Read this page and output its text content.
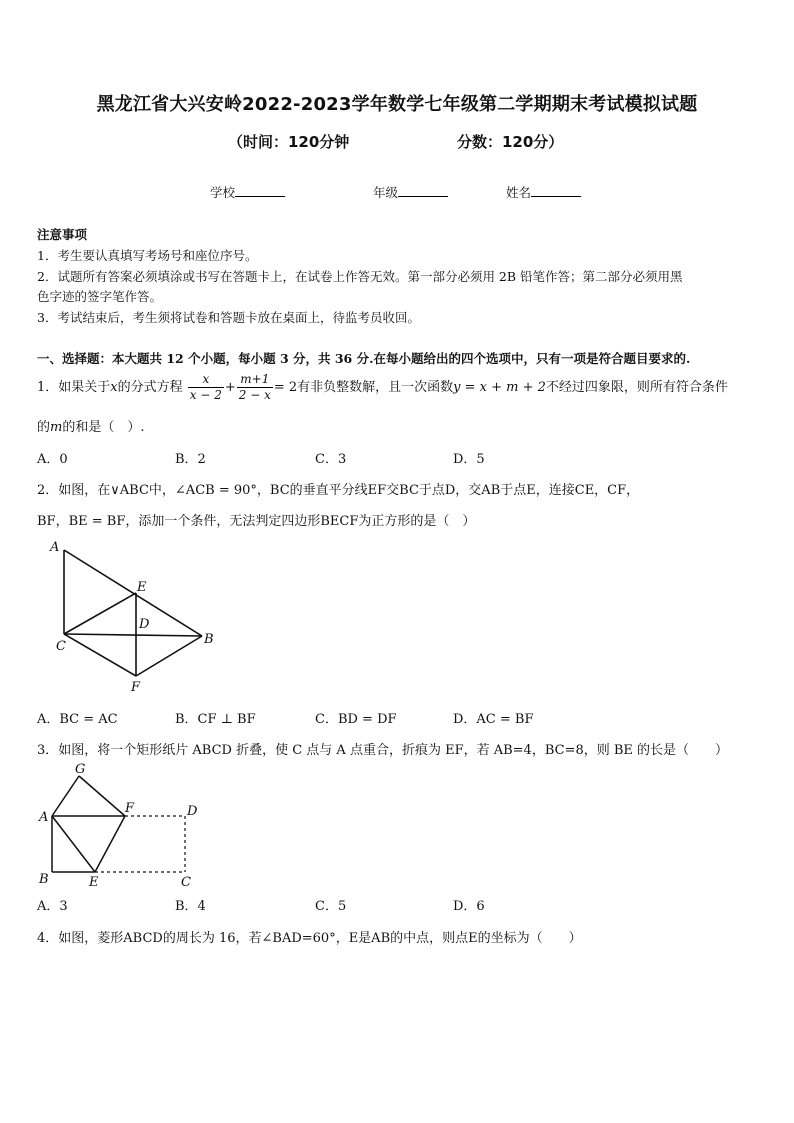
黑龙江省大兴安岭2022-2023学年数学七年级第二学期期末考试模拟试题
（时间：120分钟	分数：120分）
学校	年级	姓名
注意事项
1．考生要认真填写考场号和座位序号。
2．试题所有答案必须填涂或书写在答题卡上，在试卷上作答无效。第一部分必须用 2B 铅笔作答；第二部分必须用黑
色字迹的签字笔作答。
3．考试结束后，考生须将试卷和答题卡放在桌面上，待监考员收回。
一、选择题：本大题共 12 个小题，每小题 3 分，共 36 分.在每小题给出的四个选项中，只有一项是符合题目要求的.
1．如果关于x的分式方程 $\frac{x}{x - 2} + \frac{m+1}{2 - x} = 2$有非负整数解，且一次函数y = x + m + 2不经过四象限，则所有符合条件
的m的和是（　）.
A．0	B．2	C．3	D．5
2．如图，在∨ABC中，∠ACB = 90°，BC的垂直平分线EF交BC于点D，交AB于点E，连接CE，CF，
BF，BE = BF，添加一个条件，无法判定四边形BECF为正方形的是（　）
A
E
D
C	B
F
A．BC = AC	B．CF ⊥ BF	C．BD = DF	D．AC = BF
3．如图，将一个矩形纸片 ABCD 折叠，使 C 点与 A 点重合，折痕为 EF，若 AB=4，BC=8，则 BE 的长是（　　）
G
F	D
A
B	E	C
A．3	B．4	C．5	D．6
4．如图，菱形ABCD的周长为 16，若∠BAD=60°，E是AB的中点，则点E的坐标为（　　）
